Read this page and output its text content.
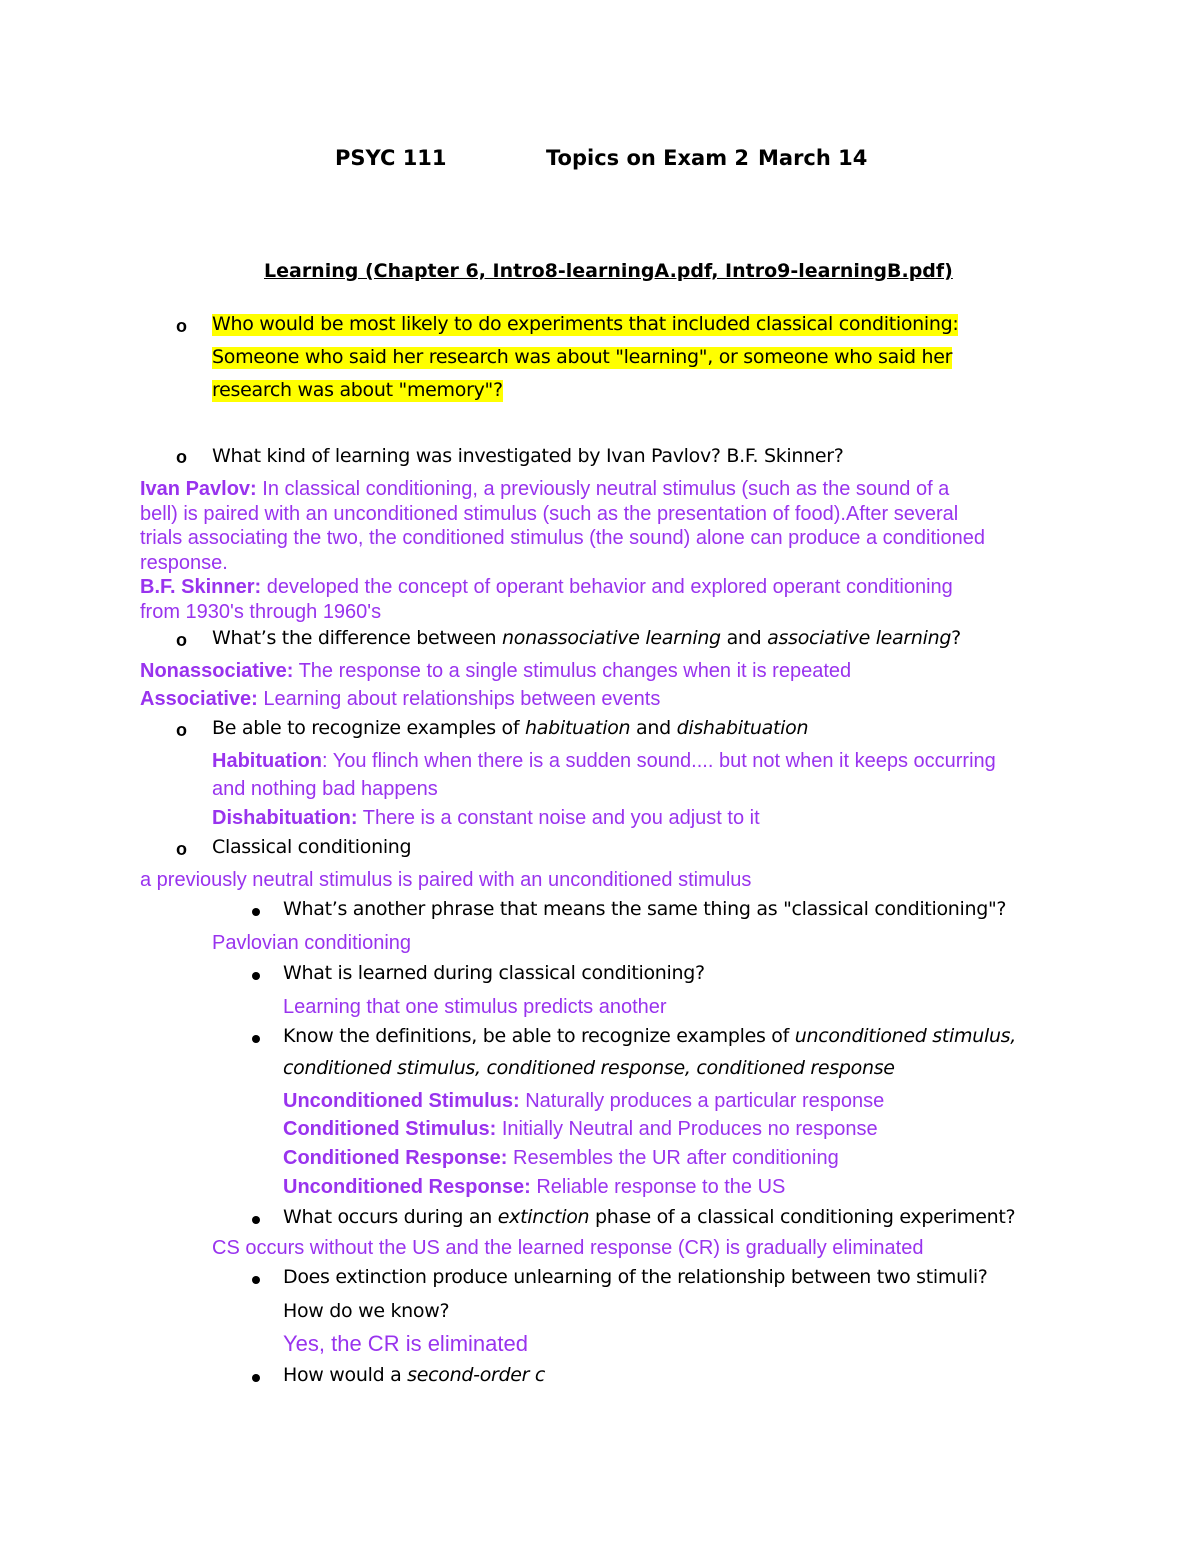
PSYC 111	Topics on Exam 2 March 14
Learning (Chapter 6, Intro8-learningA.pdf, Intro9-learningB.pdf)
o Who would be most likely to do experiments that included classical conditioning:
Someone who said her research was about "learning", or someone who said her
research was about "memory"?
o What kind of learning was investigated by Ivan Pavlov? B.F. Skinner?
Ivan Pavlov: In classical conditioning, a previously neutral stimulus (such as the sound of a
bell) is paired with an unconditioned stimulus (such as the presentation of food).After several
trials associating the two, the conditioned stimulus (the sound) alone can produce a conditioned
response.
B.F. Skinner: developed the concept of operant behavior and explored operant conditioning
from 1930's through 1960's
o What’s the difference between nonassociative learning and associative learning?
Nonassociative: The response to a single stimulus changes when it is repeated
Associative: Learning about relationships between events
o Be able to recognize examples of habituation and dishabituation
Habituation: You flinch when there is a sudden sound.... but not when it keeps occurring
and nothing bad happens
Dishabituation: There is a constant noise and you adjust to it
o Classical conditioning
a previously neutral stimulus is paired with an unconditioned stimulus
What’s another phrase that means the same thing as "classical conditioning"?
Pavlovian conditioning
What is learned during classical conditioning?
Learning that one stimulus predicts another
Know the definitions, be able to recognize examples of unconditioned stimulus,
conditioned stimulus, conditioned response, conditioned response
Unconditioned Stimulus: Naturally produces a particular response
Conditioned Stimulus: Initially Neutral and Produces no response
Conditioned Response: Resembles the UR after conditioning
Unconditioned Response: Reliable response to the US
What occurs during an extinction phase of a classical conditioning experiment?
CS occurs without the US and the learned response (CR) is gradually eliminated
Does extinction produce unlearning of the relationship between two stimuli?
How do we know?
Yes, the CR is eliminated
How would a second-order c
